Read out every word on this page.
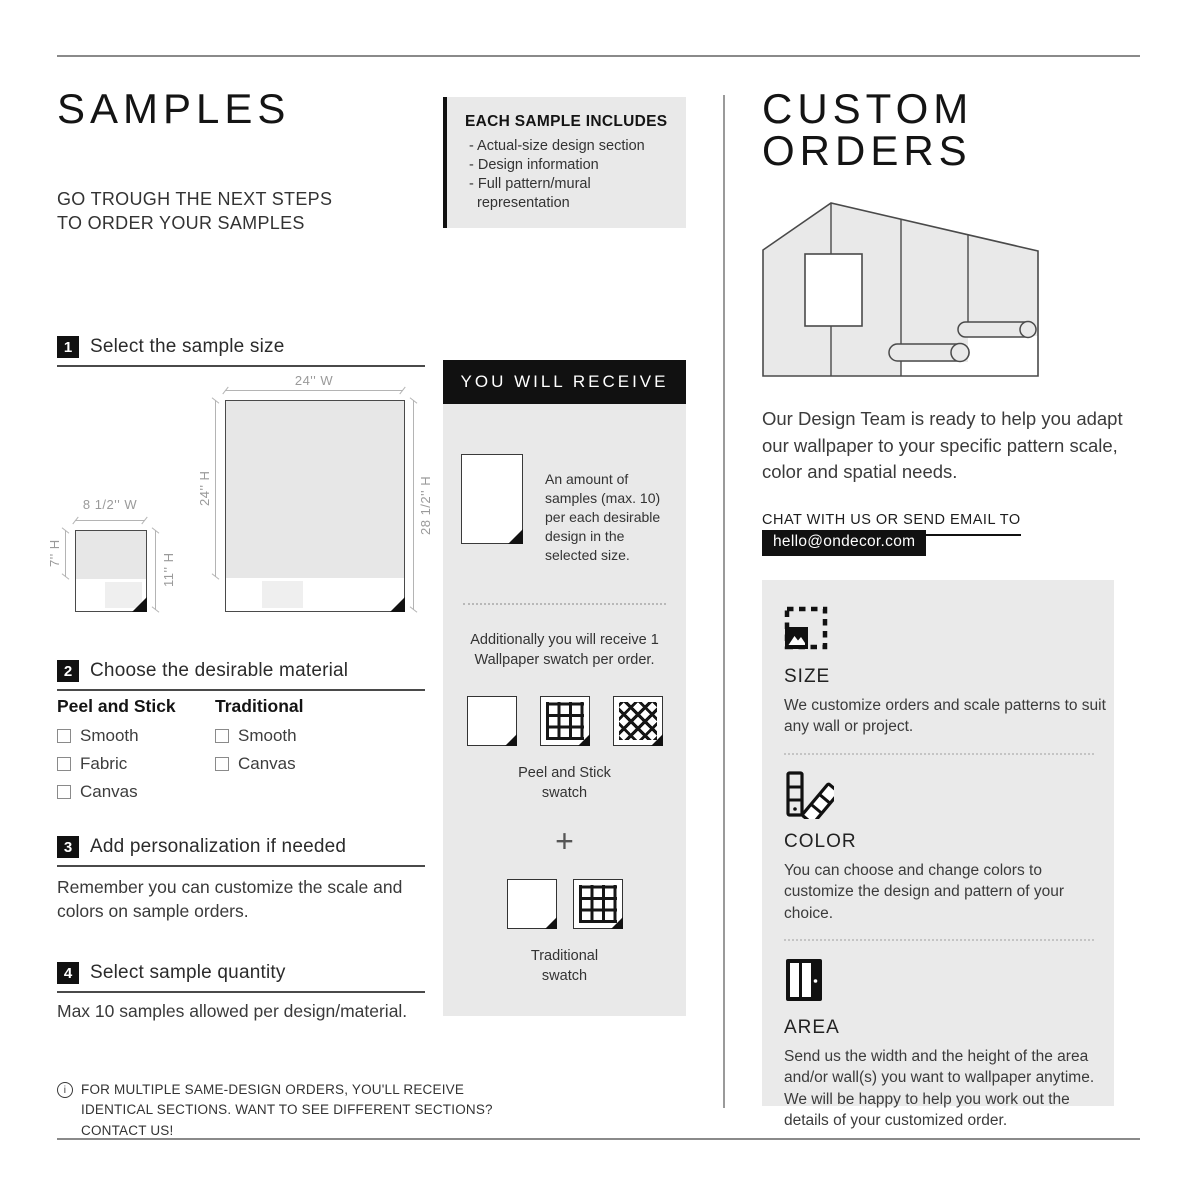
SAMPLES
GO TROUGH THE NEXT STEPS
TO ORDER YOUR SAMPLES
1 Select the sample size
8 1/2'' W
7'' H	11'' H
24'' W
24'' H	28 1/2'' H
2 Choose the desirable material
Peel and Stick
Smooth
Fabric
Canvas
Traditional
Smooth
Canvas
3 Add personalization if needed
Remember you can customize the scale and colors on sample orders.
4 Select sample quantity
Max 10 samples allowed per design/material.
i	FOR MULTIPLE SAME-DESIGN ORDERS, YOU'LL RECEIVE IDENTICAL SECTIONS. WANT TO SEE DIFFERENT SECTIONS? CONTACT US!
EACH SAMPLE INCLUDES
- Actual-size design section
- Design information
- Full pattern/mural representation
YOU WILL RECEIVE
An amount of samples (max. 10) per each desirable design in the selected size.
Additionally you will receive 1 Wallpaper swatch per order.
Peel and Stick swatch
+
Traditional swatch
CUSTOM ORDERS
Our Design Team is ready to help you adapt our wallpaper to your specific pattern scale, color and spatial needs.
CHAT WITH US OR SEND EMAIL TO
hello@ondecor.com
SIZE
We customize orders and scale patterns to suit any wall or project.
COLOR
You can choose and change colors to customize the design and pattern of your choice.
AREA
Send us the width and the height of the area and/or wall(s) you want to wallpaper anytime. We will be happy to help you work out the details of your customized order.
